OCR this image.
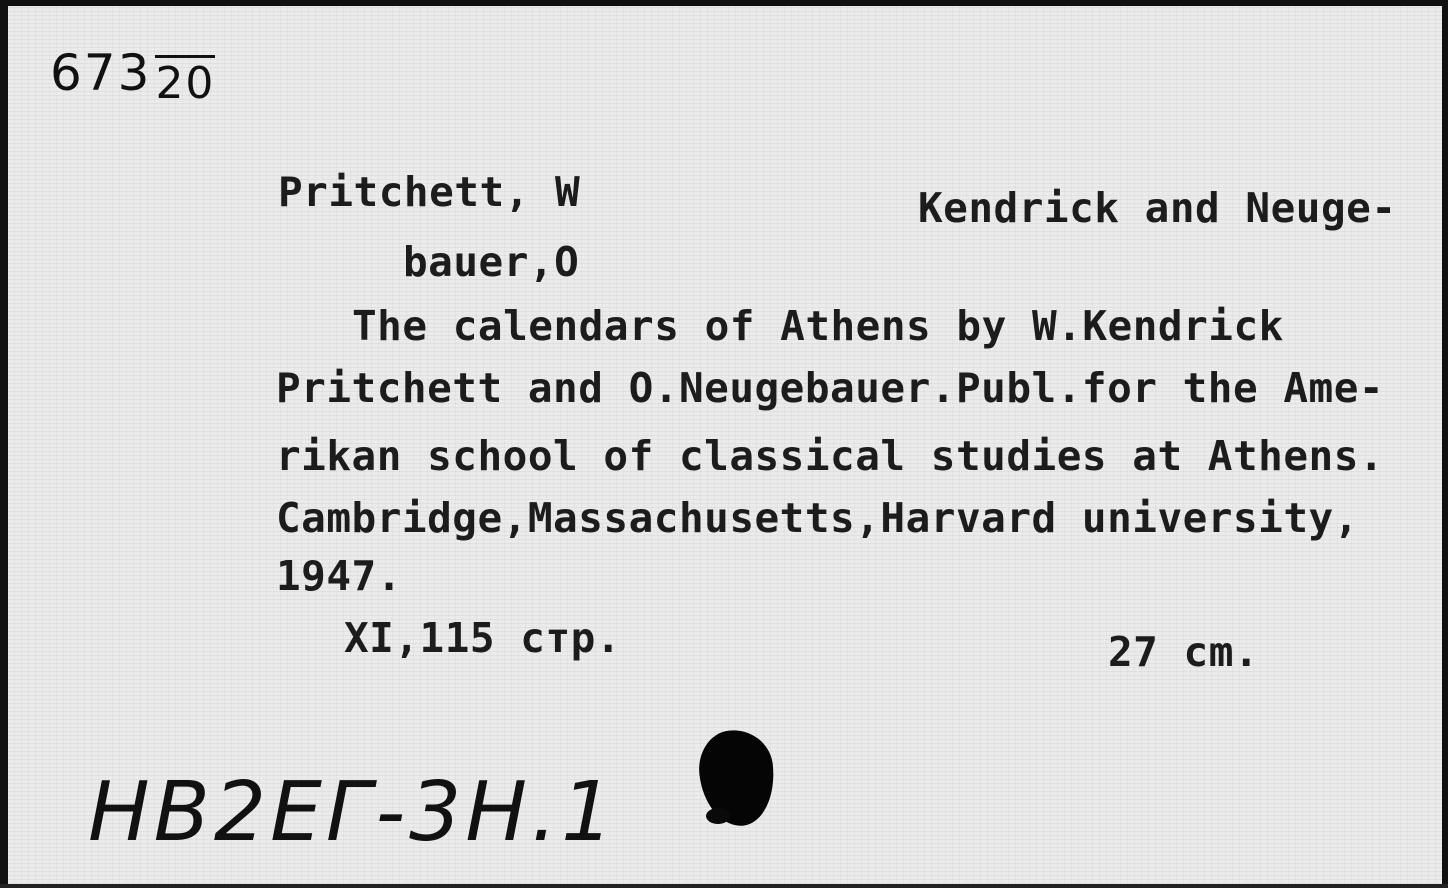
67320
Pritchett, W	Kendrick and Neuge-
bauer,O
The calendars of Athens by W.Kendrick
Pritchett and O.Neugebauer.Publ.for the Ame-
rikan school of classical studies at Athens.
Cambridge,Massachusetts,Harvard university,
1947.
XI,115 стр.	27 cm.
НВ2ЕГ-3Н.1
